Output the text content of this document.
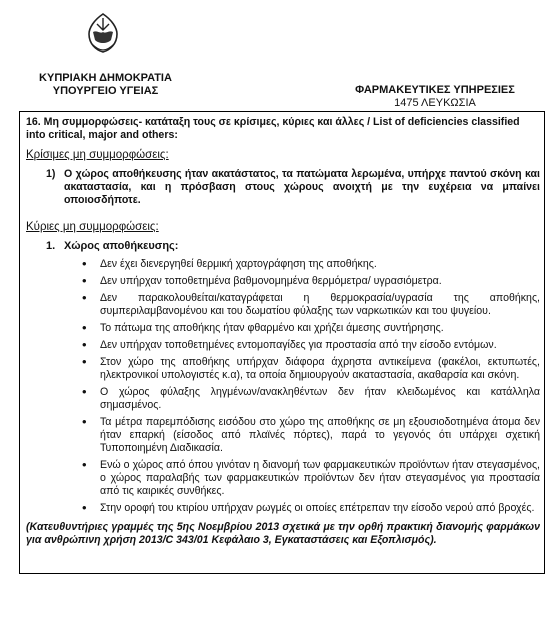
ΚΥΠΡΙΑΚΗ ΔΗΜΟΚΡΑΤΙΑ
ΥΠΟΥΡΓΕΙΟ ΥΓΕΙΑΣ	ΦΑΡΜΑΚΕΥΤΙΚΕΣ ΥΠΗΡΕΣΙΕΣ
1475 ΛΕΥΚΩΣΙΑ

16. Μη συμμορφώσεις- κατάταξη τους σε κρίσιμες, κύριες και άλλες / List of deficiencies classified into critical, major and others:

Κρίσιμες μη συμμορφώσεις:
1) Ο χώρος αποθήκευσης ήταν ακατάστατος, τα πατώματα λερωμένα, υπήρχε παντού σκόνη και ακαταστασία, και η πρόσβαση στους χώρους ανοιχτή με την ευχέρεια να μπαίνει οποιοσδήποτε.
Κύριες μη συμμορφώσεις:
1. Χώρος αποθήκευσης:
•	Δεν έχει διενεργηθεί θερμική χαρτογράφηση της αποθήκης.
•	Δεν υπήρχαν τοποθετημένα βαθμονομημένα θερμόμετρα/ υγρασιόμετρα.
•	Δεν παρακολουθείται/καταγράφεται η θερμοκρασία/υγρασία της αποθήκης, συμπεριλαμβανομένου και του δωματίου φύλαξης των ναρκωτικών και του ψυγείου.
•	Το πάτωμα της αποθήκης ήταν φθαρμένο και χρήζει άμεσης συντήρησης.
•	Δεν υπήρχαν τοποθετημένες εντομοπαγίδες για προστασία από την είσοδο εντόμων.
•	Στον χώρο της αποθήκης υπήρχαν διάφορα άχρηστα αντικείμενα (φακέλοι, εκτυπωτές, ηλεκτρονικοί υπολογιστές κ.α), τα οποία δημιουργούν ακαταστασία, ακαθαρσία και σκόνη.
•	Ο χώρος φύλαξης ληγμένων/ανακληθέντων δεν ήταν κλειδωμένος και κατάλληλα σημασμένος.
•	Τα μέτρα παρεμπόδισης εισόδου στο χώρο της αποθήκης σε μη εξουσιοδοτημένα άτομα δεν ήταν επαρκή (είσοδος από πλαϊνές πόρτες), παρά το γεγονός ότι υπάρχει σχετική Τυποποιημένη Διαδικασία.
•	Ενώ ο χώρος από όπου γινόταν η διανομή των φαρμακευτικών προϊόντων ήταν στεγασμένος, ο χώρος παραλαβής των φαρμακευτικών προϊόντων δεν ήταν στεγασμένος για προστασία από τις καιρικές συνθήκες.
•	Στην οροφή του κτιρίου υπήρχαν ρωγμές οι οποίες επέτρεπαν την είσοδο νερού από βροχές.

(Κατευθυντήριες γραμμές της 5ης Νοεμβρίου 2013 σχετικά με την ορθή πρακτική διανομής φαρμάκων για ανθρώπινη χρήση 2013/C 343/01 Κεφάλαιο 3, Εγκαταστάσεις και Εξοπλισμός).
